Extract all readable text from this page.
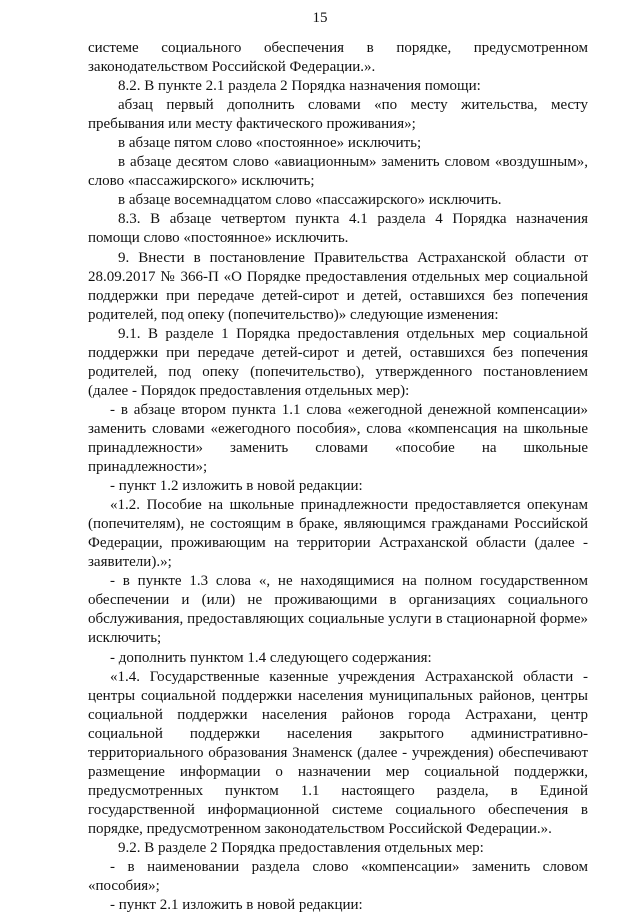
15
системе социального обеспечения в порядке, предусмотренном
законодательством Российской Федерации.».
8.2. В пункте 2.1 раздела 2 Порядка назначения помощи:
абзац первый дополнить словами «по месту жительства, месту
пребывания или месту фактического проживания»;
в абзаце пятом слово «постоянное» исключить;
в абзаце десятом слово «авиационным» заменить словом «воздушным»,
слово «пассажирского» исключить;
в абзаце восемнадцатом слово «пассажирского» исключить.
8.3. В абзаце четвертом пункта 4.1 раздела 4 Порядка назначения
помощи слово «постоянное» исключить.
9. Внести в постановление Правительства Астраханской области от
28.09.2017 № 366-П «О Порядке предоставления отдельных мер социальной
поддержки при передаче детей-сирот и детей, оставшихся без попечения
родителей, под опеку (попечительство)» следующие изменения:
9.1. В разделе 1 Порядка предоставления отдельных мер социальной
поддержки при передаче детей-сирот и детей, оставшихся без попечения
родителей, под опеку (попечительство), утвержденного постановлением
(далее - Порядок предоставления отдельных мер):
- в абзаце втором пункта 1.1 слова «ежегодной денежной компенсации»
заменить словами «ежегодного пособия», слова «компенсация на школьные
принадлежности» заменить словами «пособие на школьные
принадлежности»;
- пункт 1.2 изложить в новой редакции:
«1.2. Пособие на школьные принадлежности предоставляется опекунам
(попечителям), не состоящим в браке, являющимся гражданами Российской
Федерации, проживающим на территории Астраханской области (далее -
заявители).»;
- в пункте 1.3 слова «, не находящимися на полном государственном
обеспечении и (или) не проживающими в организациях социального
обслуживания, предоставляющих социальные услуги в стационарной форме»
исключить;
- дополнить пунктом 1.4 следующего содержания:
«1.4. Государственные казенные учреждения Астраханской области -
центры социальной поддержки населения муниципальных районов, центры
социальной поддержки населения районов города Астрахани, центр
социальной поддержки населения закрытого административно-
территориального образования Знаменск (далее - учреждения) обеспечивают
размещение информации о назначении мер социальной поддержки,
предусмотренных пунктом 1.1 настоящего раздела, в Единой
государственной информационной системе социального обеспечения в
порядке, предусмотренном законодательством Российской Федерации.».
9.2. В разделе 2 Порядка предоставления отдельных мер:
- в наименовании раздела слово «компенсации» заменить словом
«пособия»;
- пункт 2.1 изложить в новой редакции:
